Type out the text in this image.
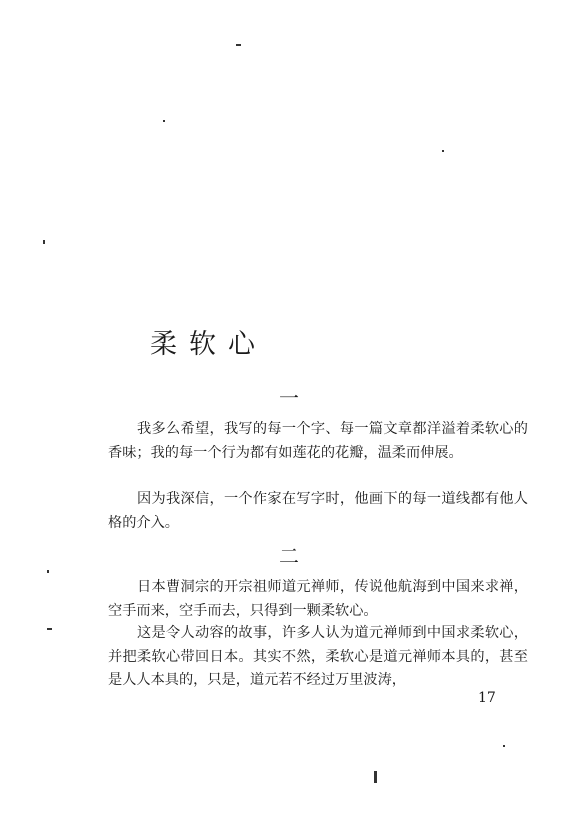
柔软心
一

　　我多么希望，我写的每一个字、每一篇文章都洋溢着柔软心的香味；我的每一个行为都有如莲花的花瓣，温柔而伸展。

　　因为我深信，一个作家在写字时，他画下的每一道线都有他人格的介入。

二

　　日本曹洞宗的开宗祖师道元禅师，传说他航海到中国来求禅，空手而来，空手而去，只得到一颗柔软心。

　　这是令人动容的故事，许多人认为道元禅师到中国求柔软心，并把柔软心带回日本。其实不然，柔软心是道元禅师本具的，甚至是人人本具的，只是，道元若不经过万里波涛，

17
